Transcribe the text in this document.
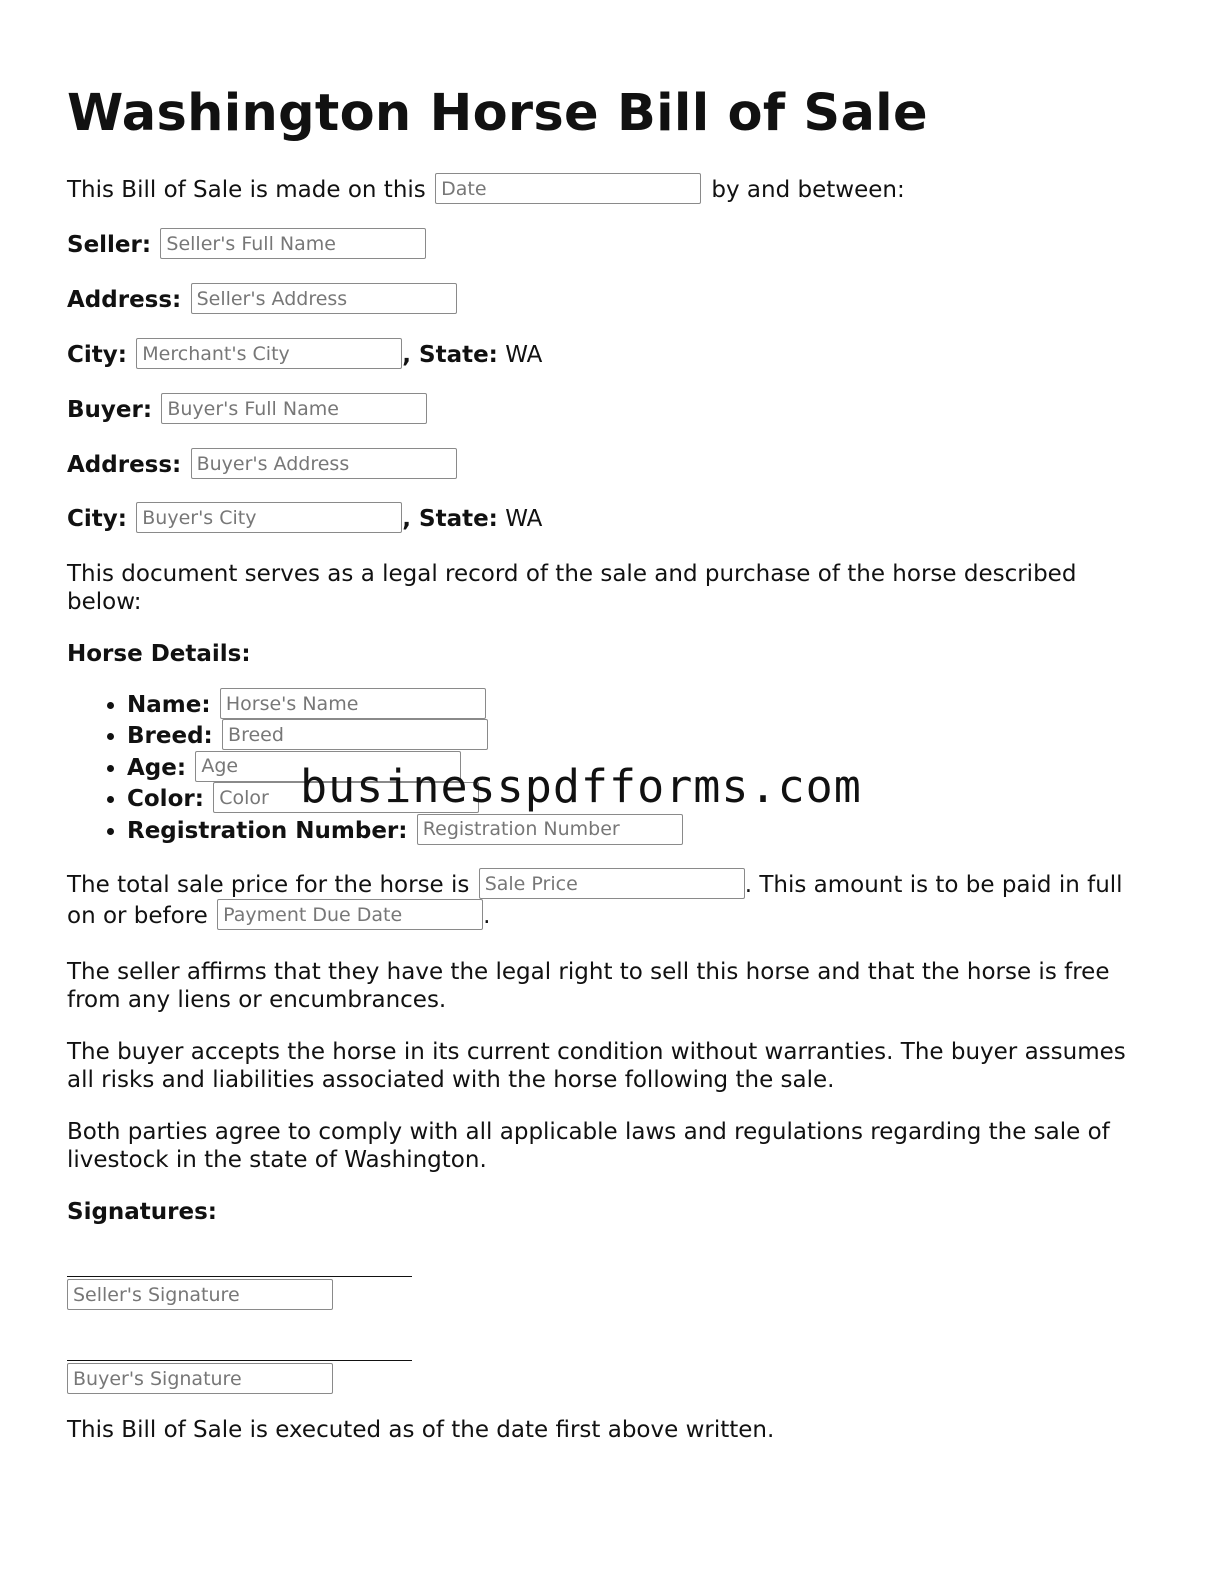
Washington Horse Bill of Sale
This Bill of Sale is made on this Date	by and between:
Seller: Seller's Full Name
Address: Seller's Address
City: Merchant's City	, State: WA
Buyer: Buyer's Full Name
Address: Buyer's Address
City: Buyer's City	, State: WA
This document serves as a legal record of the sale and purchase of the horse described below:
Horse Details:
• Name: Horse's Name
• Breed: Breed
• Age: Age
• Color: Color
• Registration Number: Registration Number
The total sale price for the horse is Sale Price	. This amount is to be paid in full on or before Payment Due Date	.
The seller affirms that they have the legal right to sell this horse and that the horse is free from any liens or encumbrances.
The buyer accepts the horse in its current condition without warranties. The buyer assumes all risks and liabilities associated with the horse following the sale.
Both parties agree to comply with all applicable laws and regulations regarding the sale of livestock in the state of Washington.
Signatures:
Seller's Signature
Buyer's Signature
This Bill of Sale is executed as of the date first above written.
businesspdfforms.com
